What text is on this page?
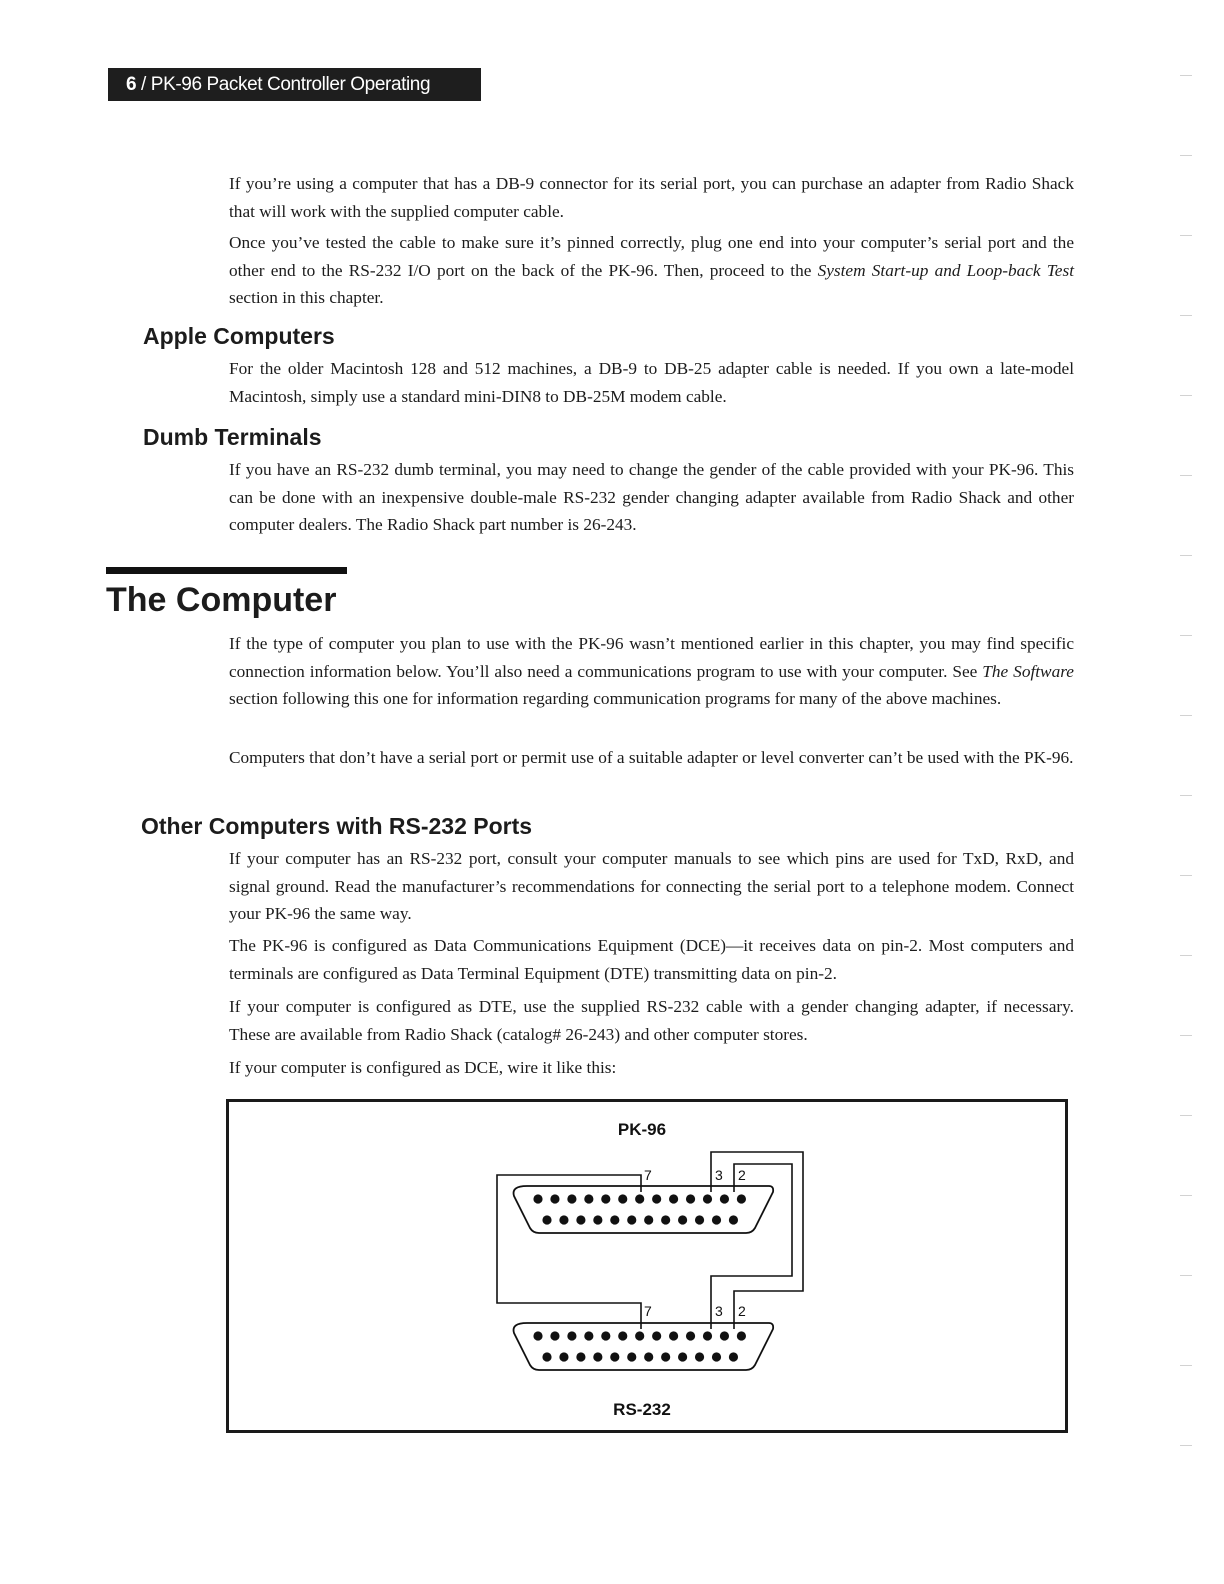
6 / PK-96 Packet Controller Operating Manual

If you’re using a computer that has a DB-9 connector for its serial port, you can purchase an adapter from Radio Shack that will work with the supplied computer cable.

Once you’ve tested the cable to make sure it’s pinned correctly, plug one end into your computer’s serial port and the other end to the RS-232 I/O port on the back of the PK-96. Then, proceed to the System Start-up and Loop-back Test section in this chapter.

Apple Computers

For the older Macintosh 128 and 512 machines, a DB-9 to DB-25 adapter cable is needed. If you own a late-model Macintosh, simply use a standard mini-DIN8 to DB-25M modem cable.

Dumb Terminals

If you have an RS-232 dumb terminal, you may need to change the gender of the cable provided with your PK-96. This can be done with an inexpensive double-male RS-232 gender changing adapter available from Radio Shack and other computer dealers. The Radio Shack part number is 26-243.

The Computer

If the type of computer you plan to use with the PK-96 wasn’t mentioned earlier in this chapter, you may find specific connection information below. You’ll also need a communications program to use with your computer. See The Software section following this one for information regarding communication programs for many of the above machines.

Computers that don’t have a serial port or permit use of a suitable adapter or level converter can’t be used with the PK-96.

Other Computers with RS-232 Ports

If your computer has an RS-232 port, consult your computer manuals to see which pins are used for TxD, RxD, and signal ground. Read the manufacturer’s recommendations for connecting the serial port to a telephone modem. Connect your PK-96 the same way.

The PK-96 is configured as Data Communications Equipment (DCE)—it receives data on pin-2. Most computers and terminals are configured as Data Terminal Equipment (DTE) transmitting data on pin-2.

If your computer is configured as DTE, use the supplied RS-232 cable with a gender changing adapter, if necessary. These are available from Radio Shack (catalog# 26-243) and other computer stores.

If your computer is configured as DCE, wire it like this:

PK-96
RS-232
7	3 2
7	3 2
